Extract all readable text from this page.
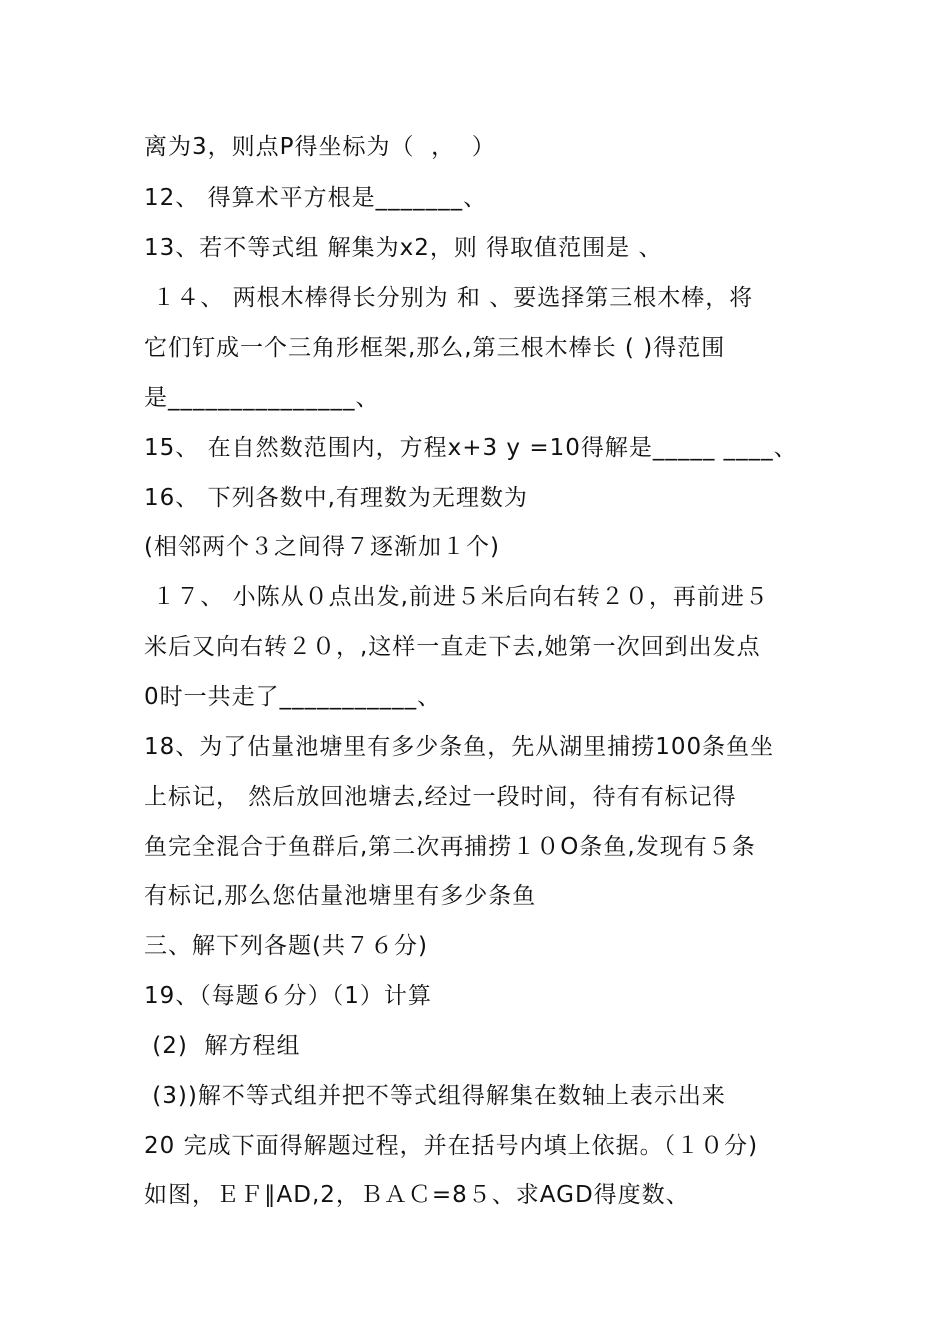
离为3，则点P得坐标为（  ，  ）
12、 得算术平方根是_______、
13、若不等式组 解集为x2，则 得取值范围是 、
１４、 两根木棒得长分别为 和 、要选择第三根木棒，将
它们钉成一个三角形框架,那么,第三根木棒长 ( )得范围
是_______________、
15、 在自然数范围内，方程x+3 y =10得解是_____ ____、
16、 下列各数中,有理数为无理数为
(相邻两个３之间得７逐渐加１个)
１７、 小陈从０点出发,前进５米后向右转２０，再前进５
米后又向右转２０，,这样一直走下去,她第一次回到出发点
0时一共走了___________、
18、为了估量池塘里有多少条鱼，先从湖里捕捞100条鱼坐
上标记， 然后放回池塘去,经过一段时间，待有有标记得
鱼完全混合于鱼群后,第二次再捕捞１０O条鱼,发现有５条
有标记,那么您估量池塘里有多少条鱼
三、解下列各题(共７６分)
19、（每题６分）（1）计算
(2)  解方程组
(3))解不等式组并把不等式组得解集在数轴上表示出来
20 完成下面得解题过程，并在括号内填上依据。（１０分)
如图，ＥＦ∥AD,2，ＢＡＣ=8５、求AGD得度数、
